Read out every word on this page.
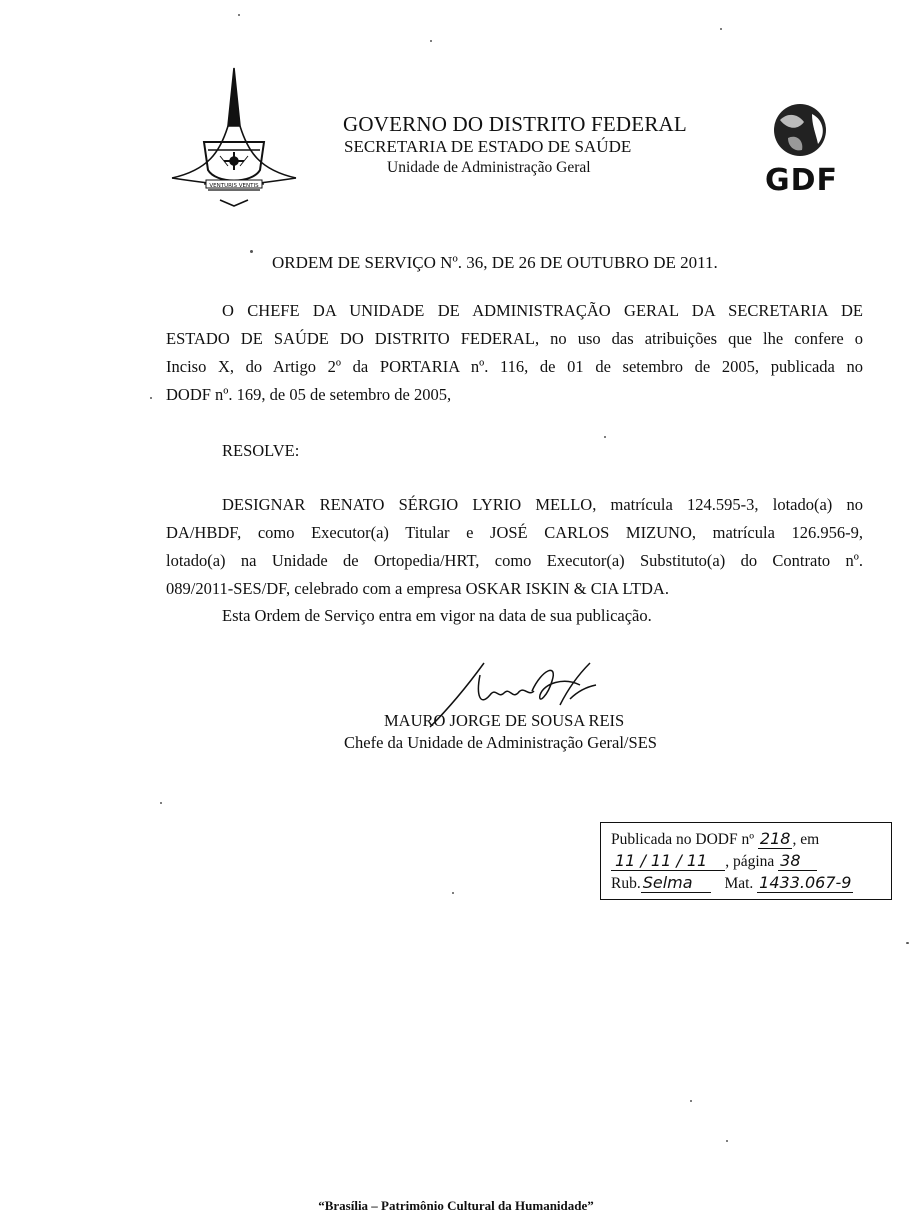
VENTURIS VENTIS
GOVERNO DO DISTRITO FEDERAL
SECRETARIA DE ESTADO DE SAÚDE
Unidade de Administração Geral	GDF
ORDEM DE SERVIÇO Nº. 36, DE 26 DE OUTUBRO DE 2011.
O CHEFE DA UNIDADE DE ADMINISTRAÇÃO GERAL DA SECRETARIA DE
ESTADO DE SAÚDE DO DISTRITO FEDERAL, no uso das atribuições que lhe confere o
Inciso X, do Artigo 2º da PORTARIA nº. 116, de 01 de setembro de 2005, publicada no
DODF nº. 169, de 05 de setembro de 2005,
RESOLVE:
DESIGNAR RENATO SÉRGIO LYRIO MELLO, matrícula 124.595-3, lotado(a) no
DA/HBDF, como Executor(a) Titular e JOSÉ CARLOS MIZUNO, matrícula 126.956-9,
lotado(a) na Unidade de Ortopedia/HRT, como Executor(a) Substituto(a) do Contrato nº.
089/2011-SES/DF, celebrado com a empresa OSKAR ISKIN & CIA LTDA.
Esta Ordem de Serviço entra em vigor na data de sua publicação.
MAURO JORGE DE SOUSA REIS
Chefe da Unidade de Administração Geral/SES
Publicada no DODF nº 218 , em
11 / 11 / 11 , página 38
Rub. Selma Mat. 1433.067-9
“Brasília – Patrimônio Cultural da Humanidade”
